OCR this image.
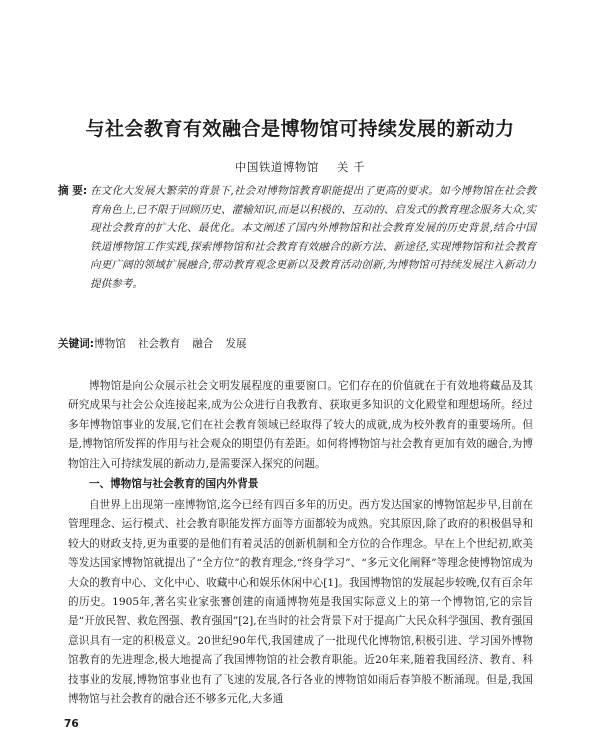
与社会教育有效融合是博物馆可持续发展的新动力
中国铁道博物馆 关 千
摘 要: 在文化大发展大繁荣的背景下,社会对博物馆教育职能提出了更高的要求。如今博物馆在社会教育角色上,已不限于回顾历史、灌输知识,而是以积极的、互动的、启发式的教育理念服务大众,实现社会教育的扩大化、最优化。本文阐述了国内外博物馆和社会教育发展的历史背景,结合中国铁道博物馆工作实践,探索博物馆和社会教育有效融合的新方法、新途径,实现博物馆和社会教育向更广阔的领域扩展融合,带动教育观念更新以及教育活动创新,为博物馆可持续发展注入新动力提供参考。
关键词:博物馆 社会教育 融合 发展

博物馆是向公众展示社会文明发展程度的重要窗口。它们存在的价值就在于有效地将藏品及其研究成果与社会公众连接起来,成为公众进行自我教育、获取更多知识的文化殿堂和理想场所。经过多年博物馆事业的发展,它们在社会教育领域已经取得了较大的成就,成为校外教育的重要场所。但是,博物馆所发挥的作用与社会观众的期望仍有差距。如何将博物馆与社会教育更加有效的融合,为博物馆注入可持续发展的新动力,是需要深入探究的问题。

一、博物馆与社会教育的国内外背景

自世界上出现第一座博物馆,迄今已经有四百多年的历史。西方发达国家的博物馆起步早,目前在管理理念、运行模式、社会教育职能发挥方面等方面都较为成熟。究其原因,除了政府的积极倡导和较大的财政支持,更为重要的是他们有着灵活的创新机制和全方位的合作理念。早在上个世纪初,欧美等发达国家博物馆就提出了“全方位”的教育理念,“终身学习”、“多元文化阐释”等理念使博物馆成为大众的教育中心、文化中心、收藏中心和娱乐休闲中心[1]。我国博物馆的发展起步较晚,仅有百余年的历史。1905年,著名实业家张謇创建的南通博物苑是我国实际意义上的第一个博物馆,它的宗旨是“开放民智、救危图强、教育强国”[2],在当时的社会背景下对于提高广大民众科学强国、教育强国意识具有一定的积极意义。20世纪90年代,我国建成了一批现代化博物馆,积极引进、学习国外博物馆教育的先进理念,极大地提高了我国博物馆的社会教育职能。近20年来,随着我国经济、教育、科技事业的发展,博物馆事业也有了飞速的发展,各行各业的博物馆如雨后春笋般不断涌现。但是,我国博物馆与社会教育的融合还不够多元化,大多通

76
